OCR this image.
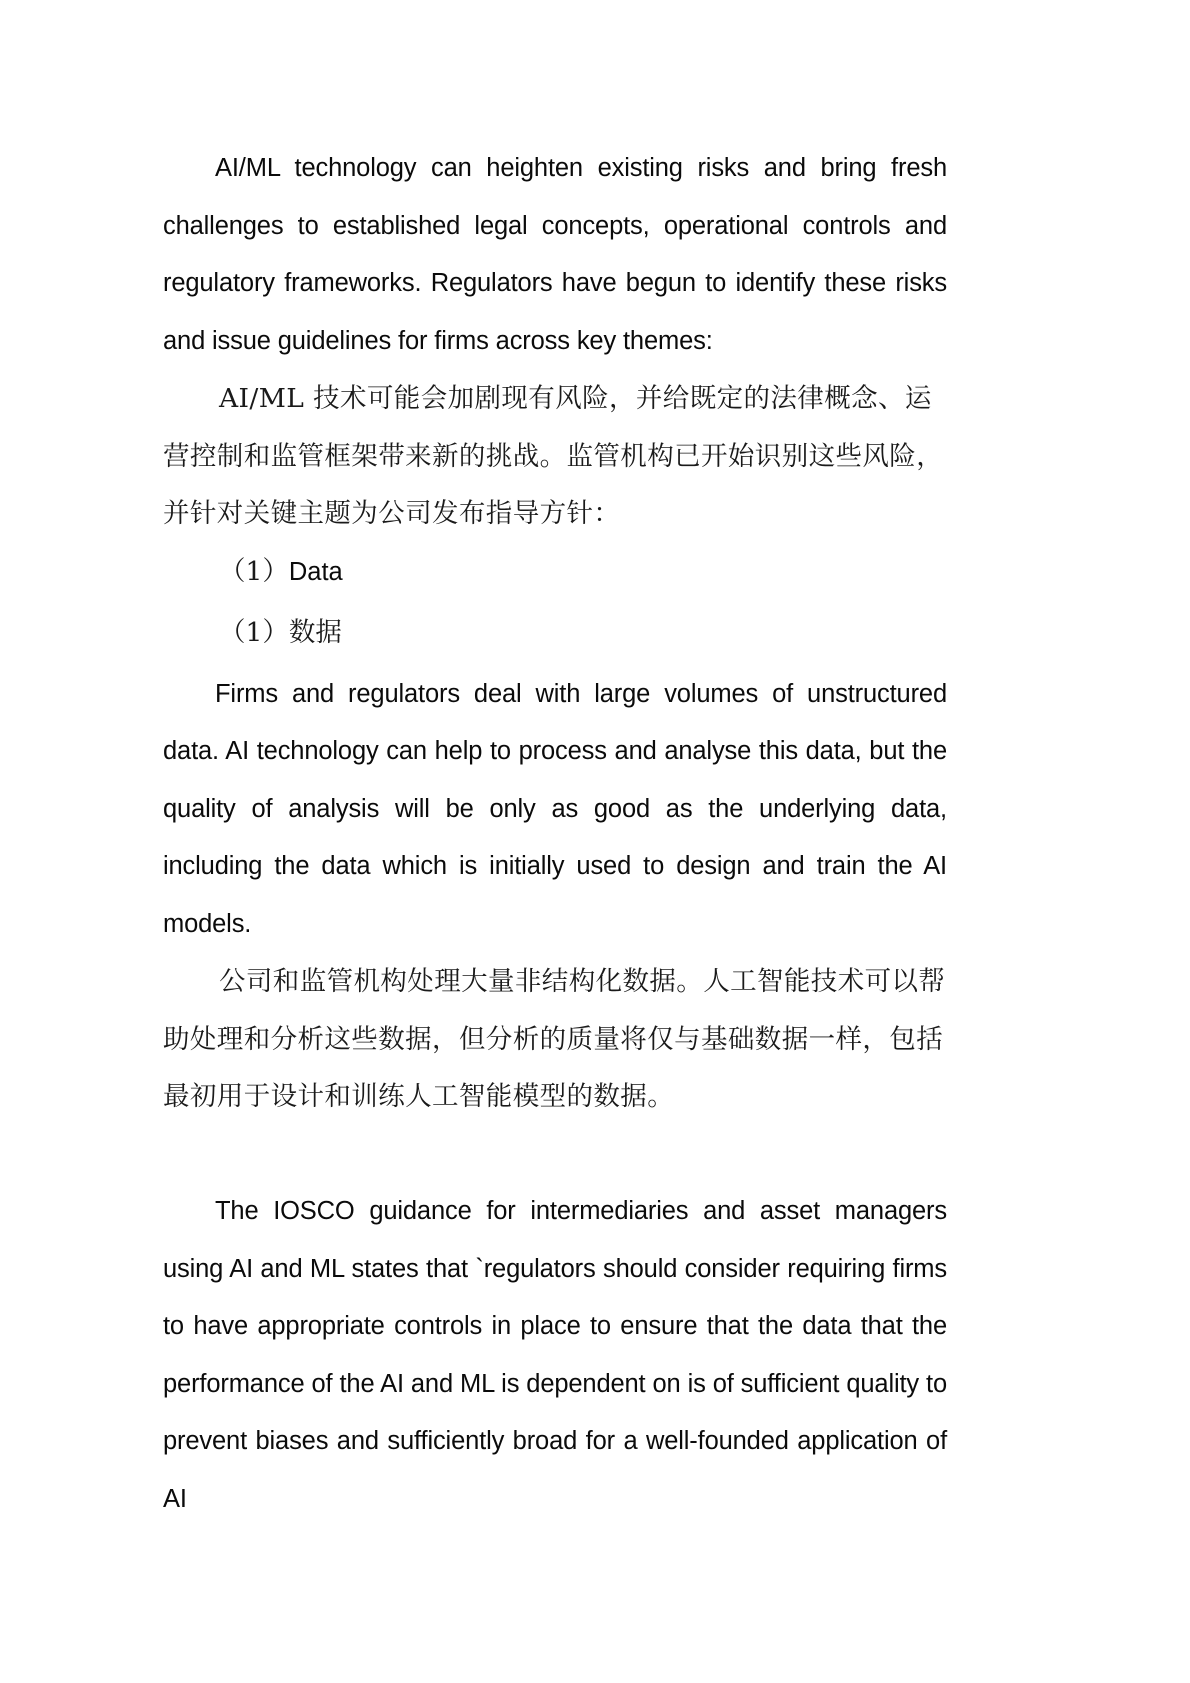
AI/ML technology can heighten existing risks and bring fresh challenges to established legal concepts, operational controls and regulatory frameworks. Regulators have begun to identify these risks and issue guidelines for firms across key themes:

AI/ML 技术可能会加剧现有风险，并给既定的法律概念、运营控制和监管框架带来新的挑战。监管机构已开始识别这些风险，并针对关键主题为公司发布指导方针：

（1）Data

（1）数据

Firms and regulators deal with large volumes of unstructured data. AI technology can help to process and analyse this data, but the quality of analysis will be only as good as the underlying data, including the data which is initially used to design and train the AI models.

公司和监管机构处理大量非结构化数据。人工智能技术可以帮助处理和分析这些数据，但分析的质量将仅与基础数据一样，包括最初用于设计和训练人工智能模型的数据。

The IOSCO guidance for intermediaries and asset managers using AI and ML states that `regulators should consider requiring firms to have appropriate controls in place to ensure that the data that the performance of the AI and ML is dependent on is of sufficient quality to prevent biases and sufficiently broad for a well-founded application of AI
